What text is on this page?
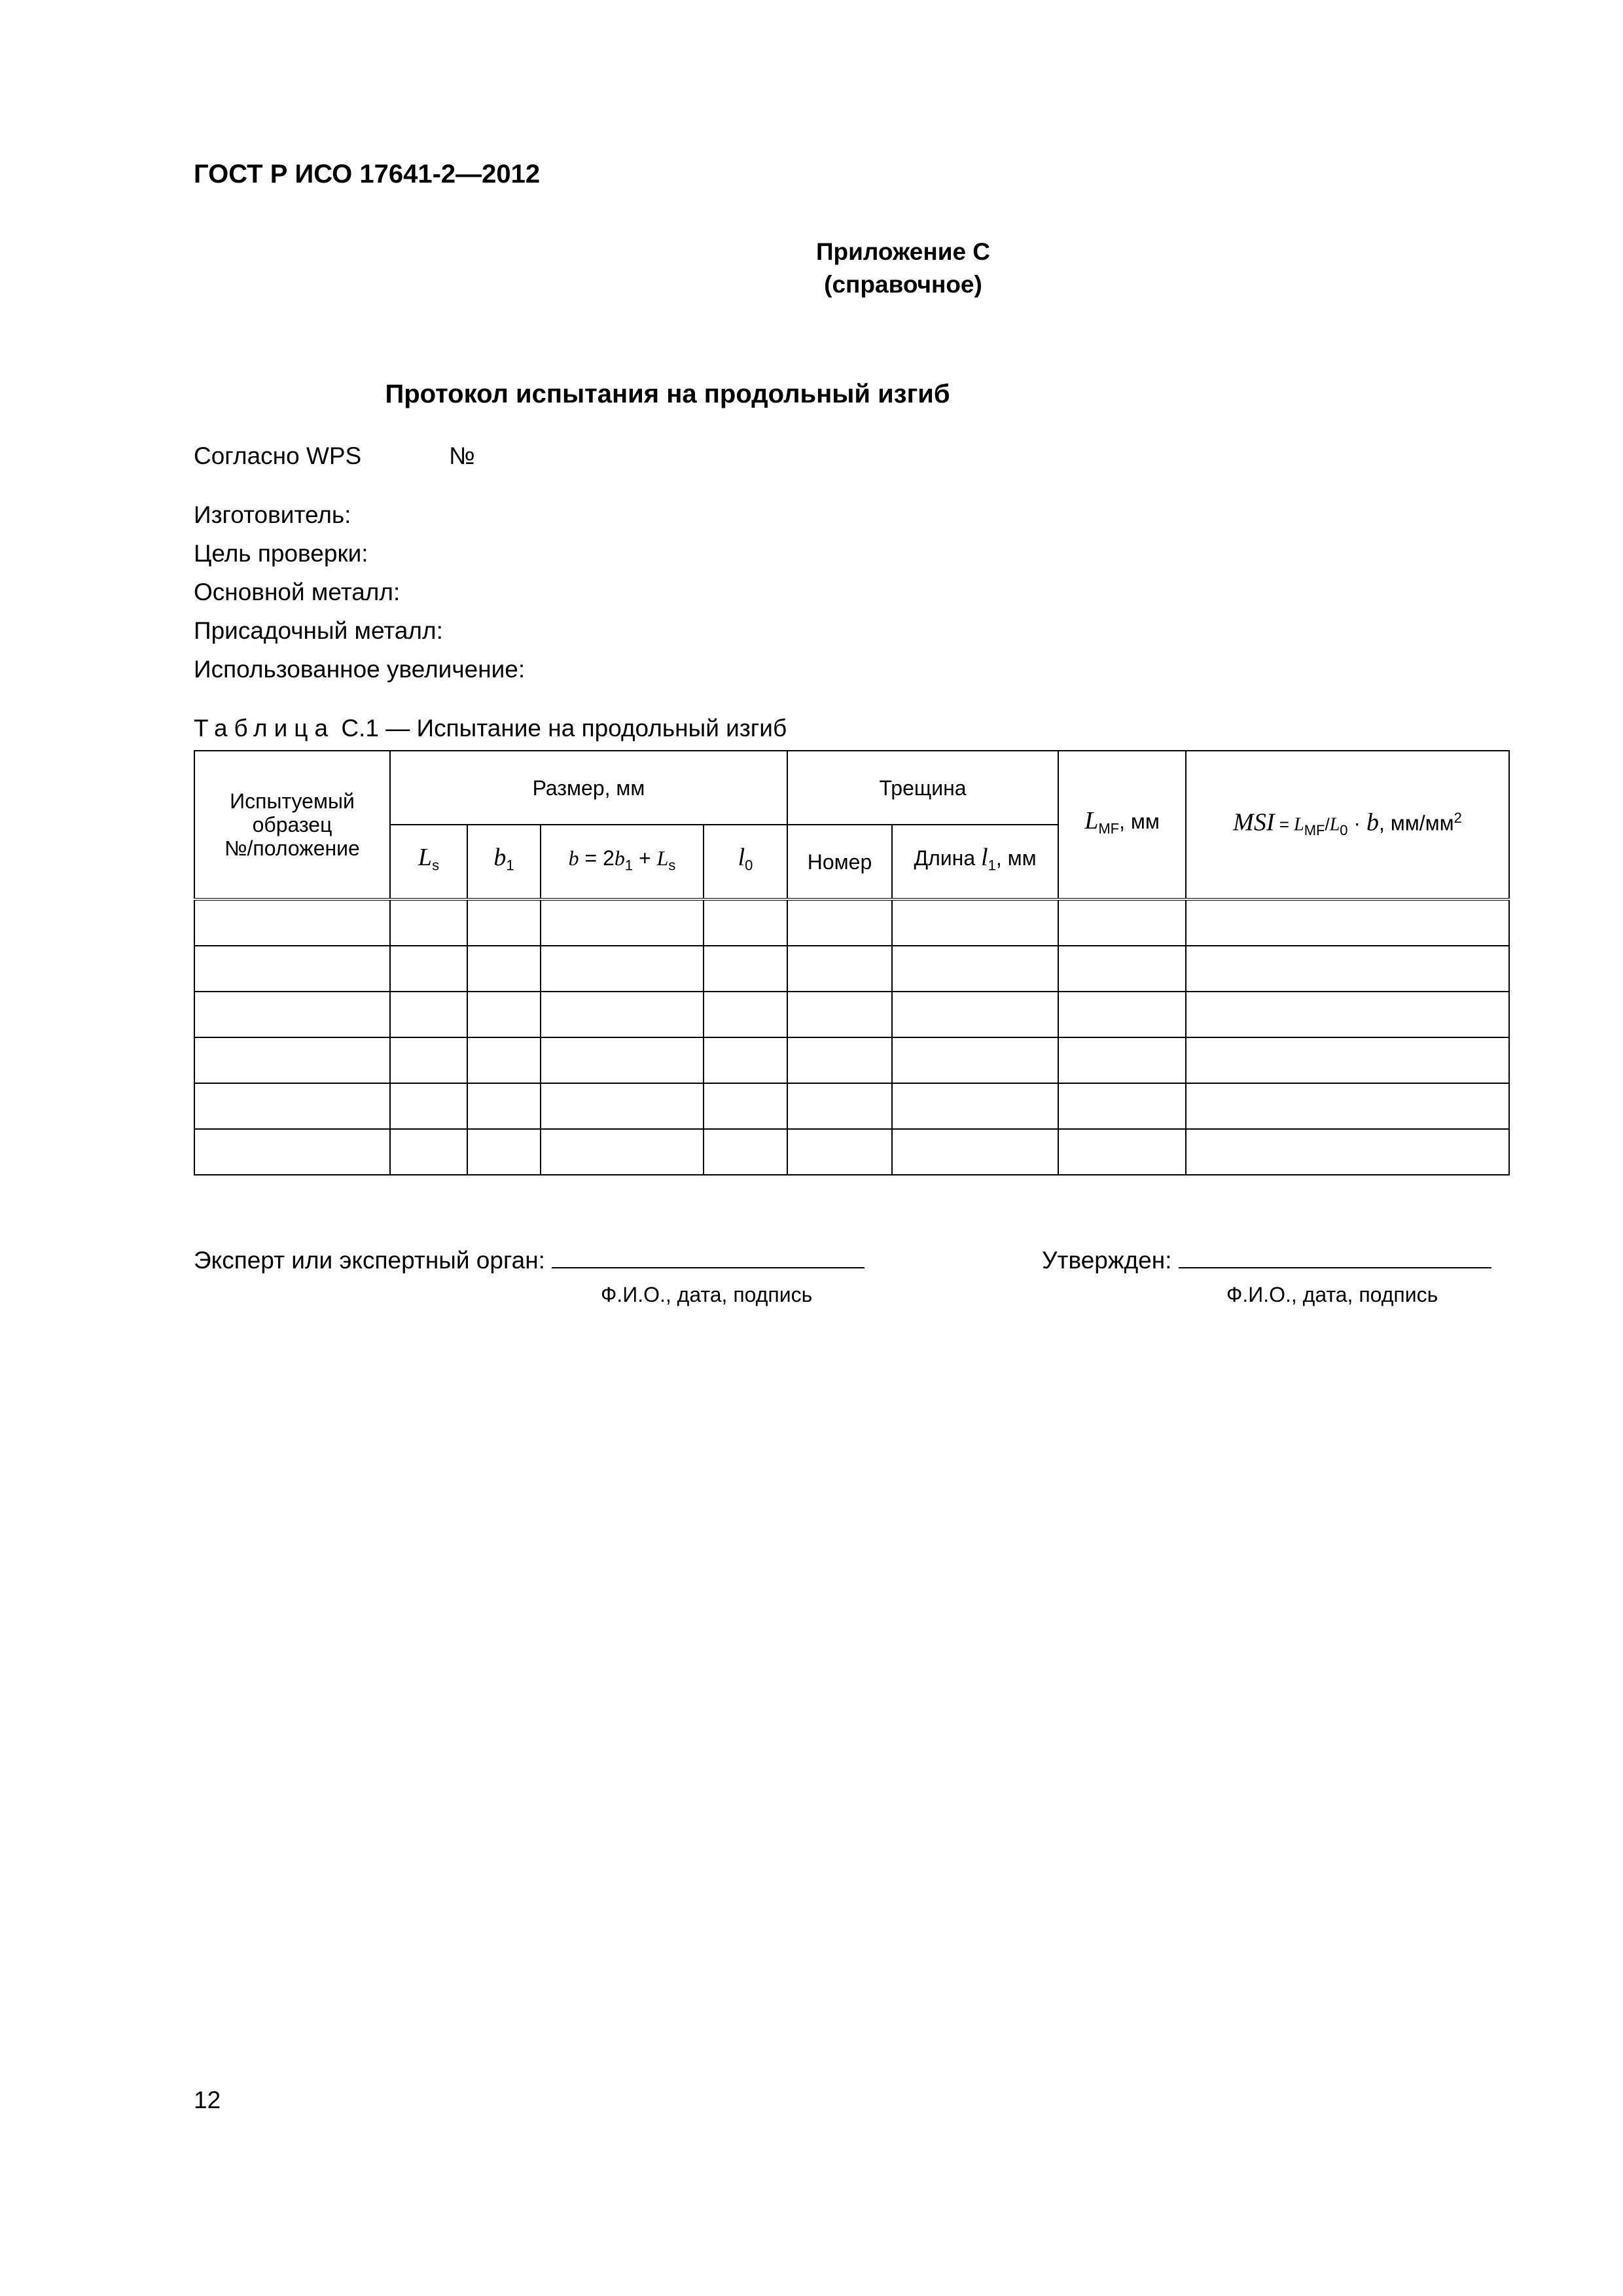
ГОСТ Р ИСО 17641-2—2012
Приложение С
(справочное)
Протокол испытания на продольный изгиб
Согласно WPS	№
Изготовитель:
Цель проверки:
Основной металл:
Присадочный металл:
Использованное увеличение:
Таблица С.1 — Испытание на продольный изгиб
Испытуемый
образец
№/положение	Размер, мм				Трещина		$L_{MF}$, мм	MSI = $L_{MF}/L_0 \cdot b$, $мм/мм^2$
	$L_s$	$b_1$	$b = 2b_1 + L_s$	$l_0$	Номер	Длина $l_1$, мм		

Эксперт или экспертный орган:
Ф.И.О., дата, подпись
Утвержден:
Ф.И.О., дата, подпись
12
